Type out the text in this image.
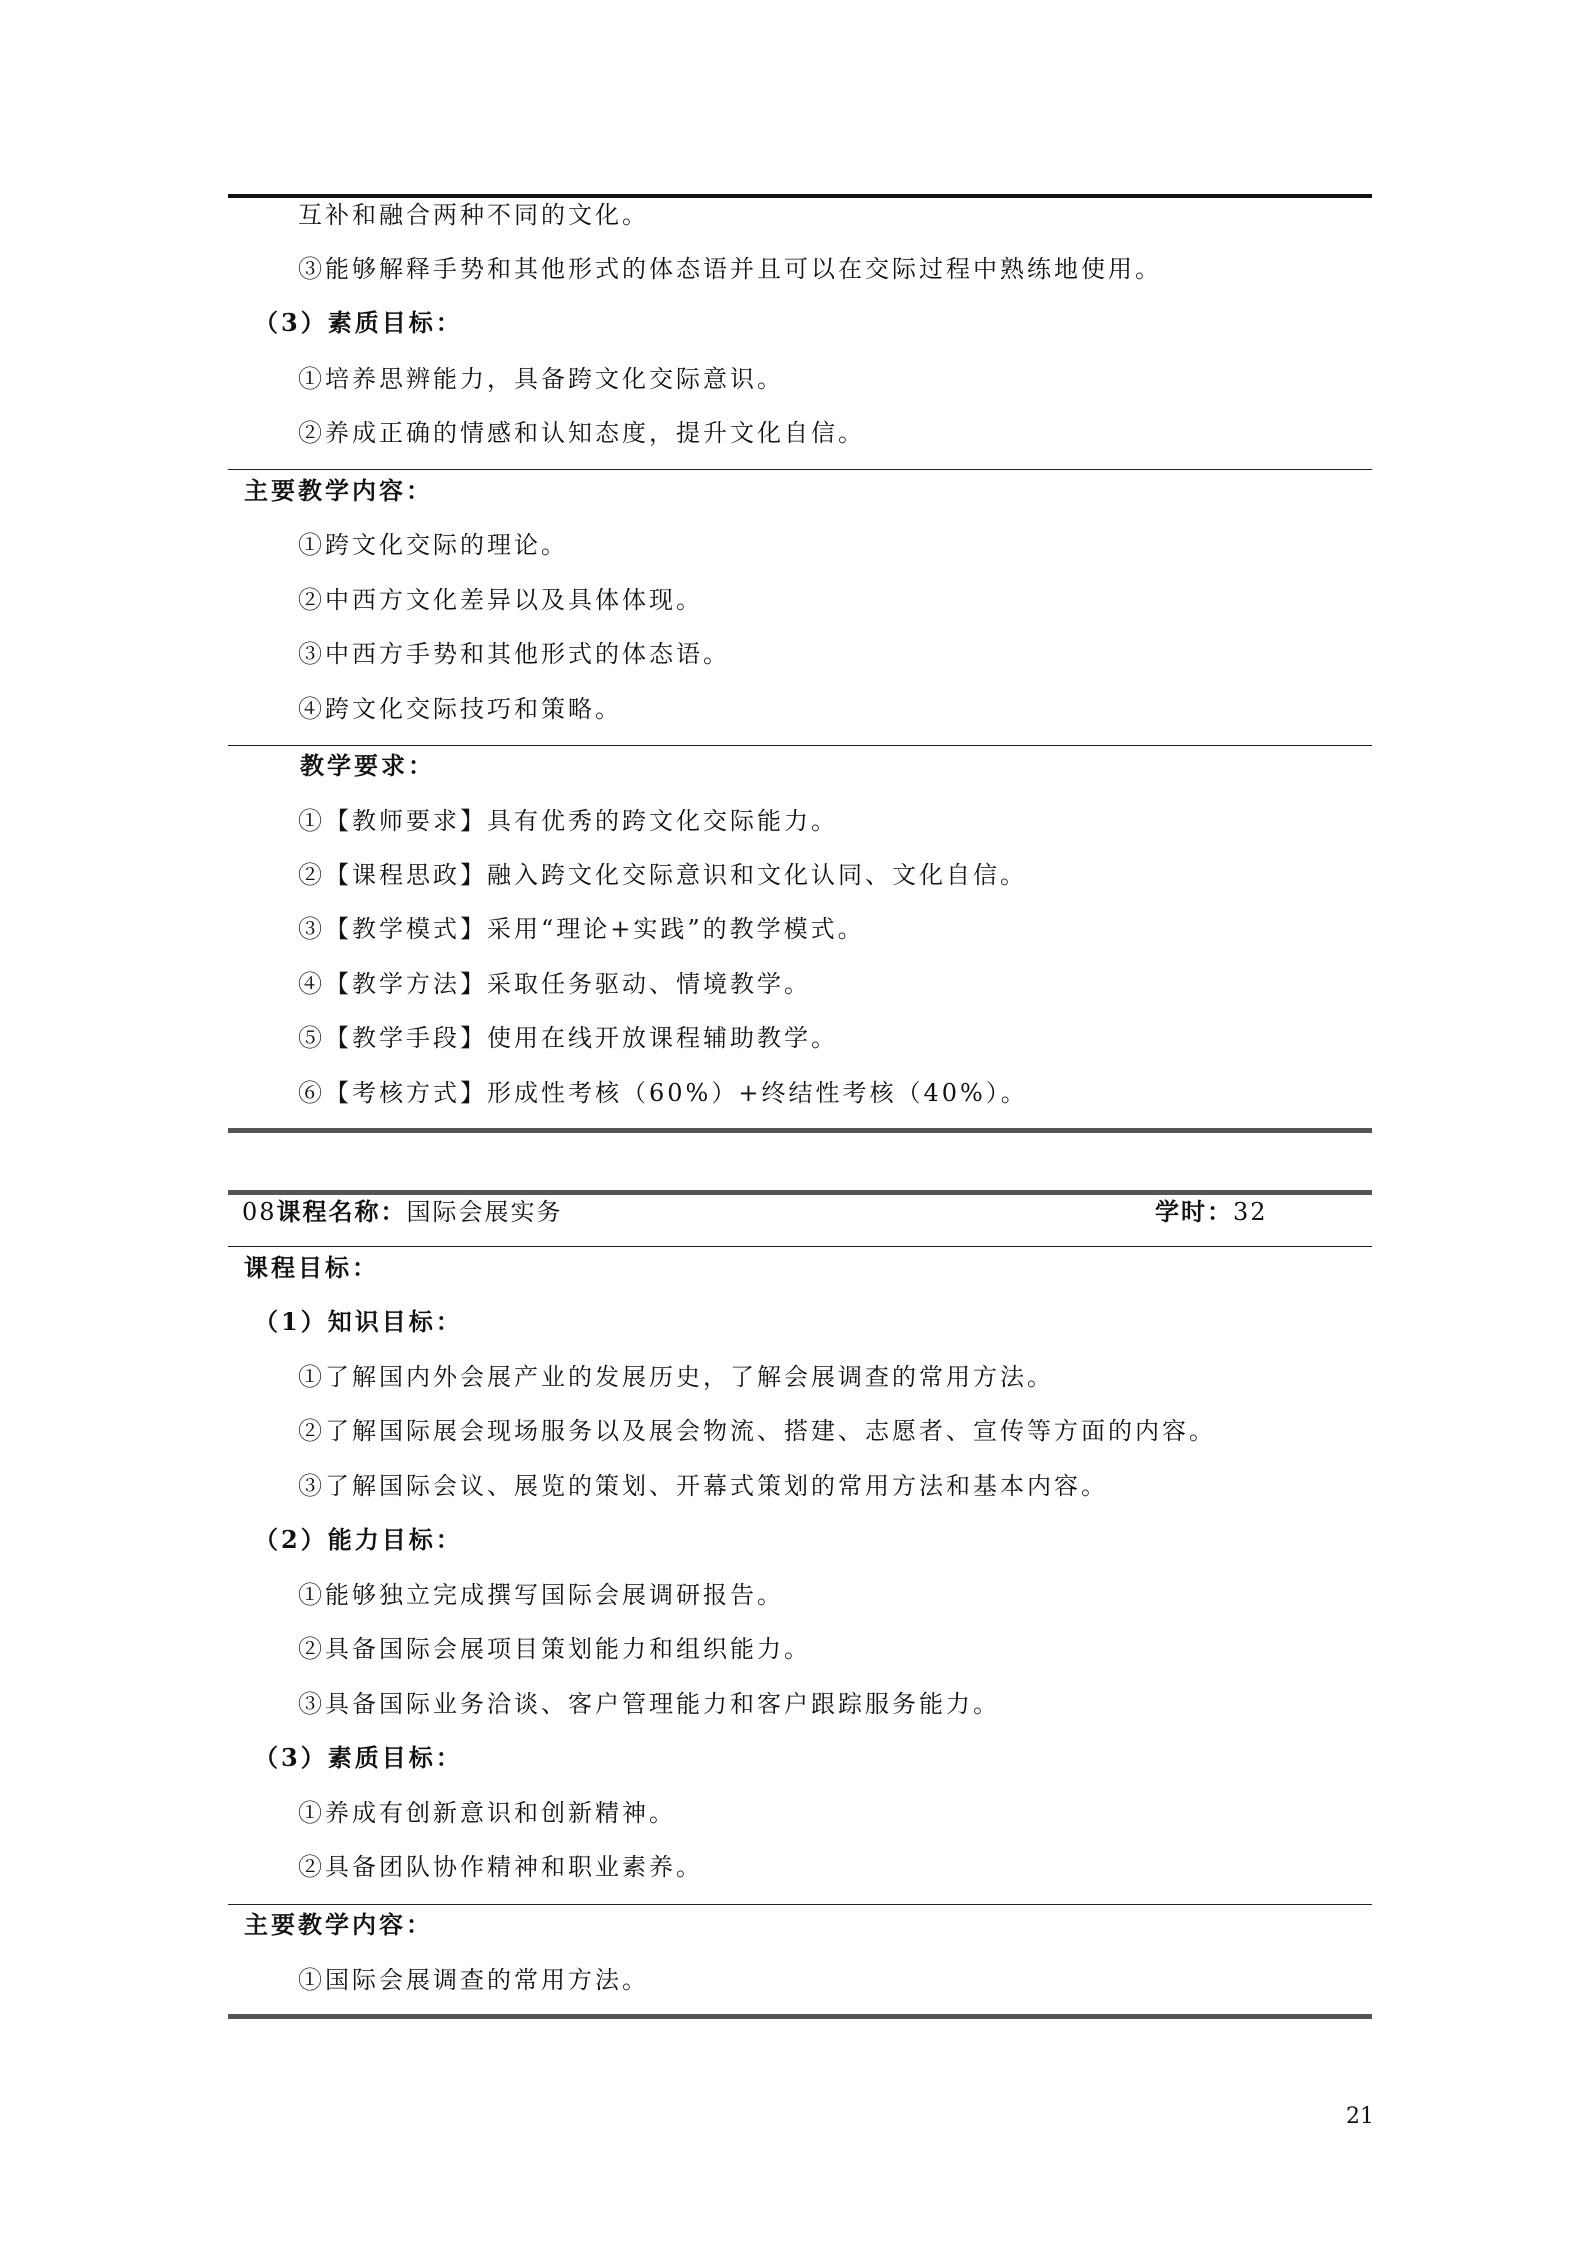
互补和融合两种不同的文化。
③能够解释手势和其他形式的体态语并且可以在交际过程中熟练地使用。
（3）素质目标：
①培养思辨能力，具备跨文化交际意识。
②养成正确的情感和认知态度，提升文化自信。
主要教学内容：
①跨文化交际的理论。
②中西方文化差异以及具体体现。
③中西方手势和其他形式的体态语。
④跨文化交际技巧和策略。
教学要求：
①【教师要求】具有优秀的跨文化交际能力。
②【课程思政】融入跨文化交际意识和文化认同、文化自信。
③【教学模式】采用“理论+实践”的教学模式。
④【教学方法】采取任务驱动、情境教学。
⑤【教学手段】使用在线开放课程辅助教学。
⑥【考核方式】形成性考核（60%）+终结性考核（40%）。
08课程名称：国际会展实务	学时：32
课程目标：
（1）知识目标：
①了解国内外会展产业的发展历史，了解会展调查的常用方法。
②了解国际展会现场服务以及展会物流、搭建、志愿者、宣传等方面的内容。
③了解国际会议、展览的策划、开幕式策划的常用方法和基本内容。
（2）能力目标：
①能够独立完成撰写国际会展调研报告。
②具备国际会展项目策划能力和组织能力。
③具备国际业务洽谈、客户管理能力和客户跟踪服务能力。
（3）素质目标：
①养成有创新意识和创新精神。
②具备团队协作精神和职业素养。
主要教学内容：
①国际会展调查的常用方法。
21
